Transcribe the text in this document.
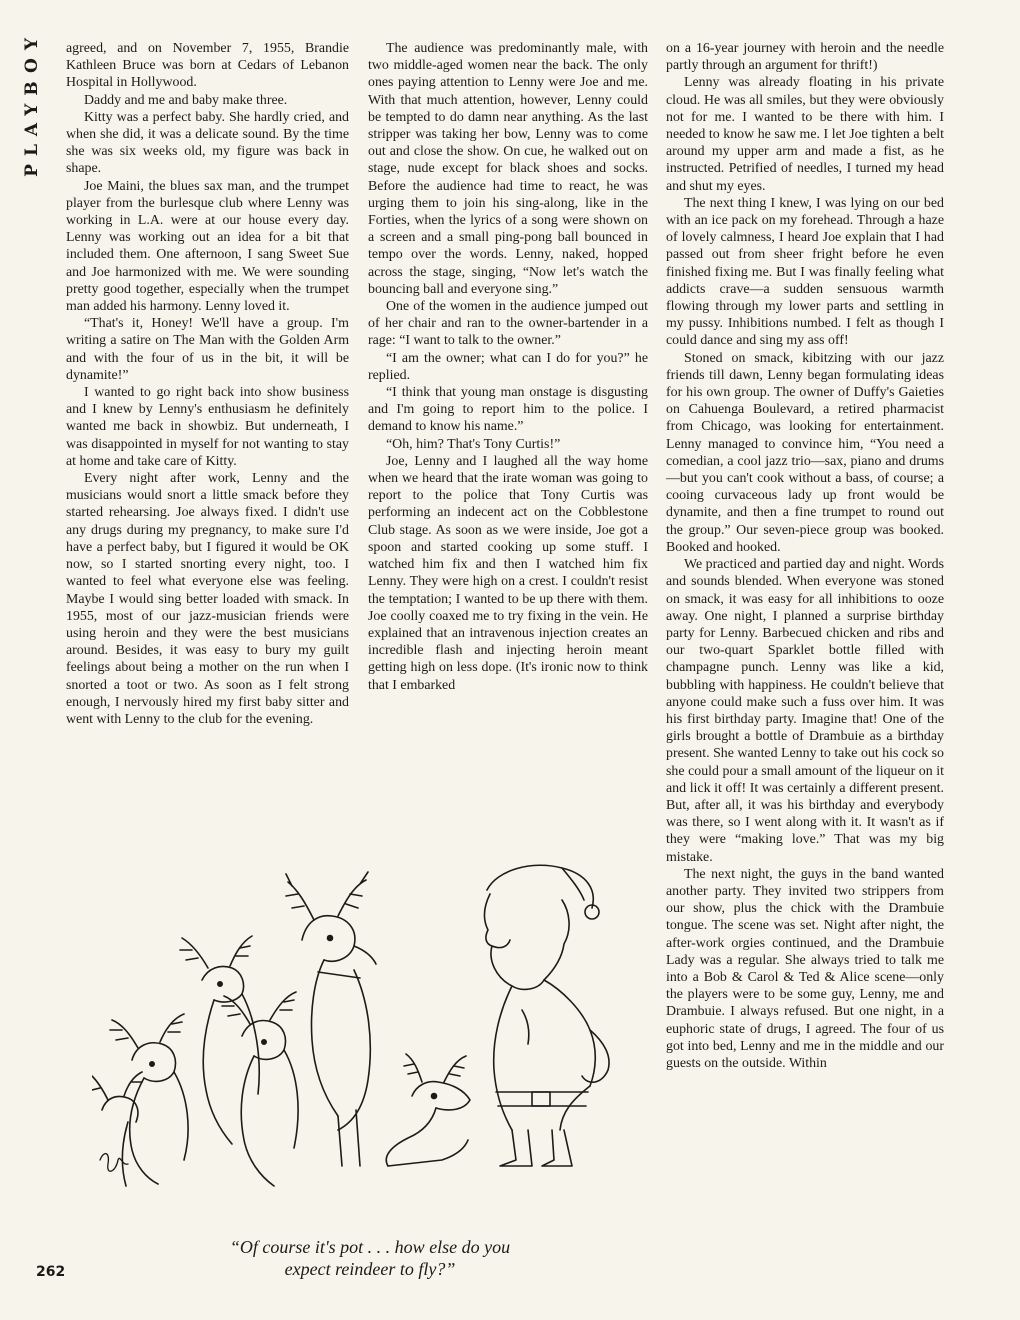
PLAYBOY agreed, and on November 7, 1955, Brandie Kathleen Bruce was born at Cedars of Lebanon Hospital in Hollywood.

Daddy and me and baby make three.

Kitty was a perfect baby. She hardly cried, and when she did, it was a delicate sound. By the time she was six weeks old, my figure was back in shape.

Joe Maini, the blues sax man, and the trumpet player from the burlesque club where Lenny was working in L.A. were at our house every day. Lenny was working out an idea for a bit that included them. One afternoon, I sang Sweet Sue and Joe harmonized with me. We were sounding pretty good together, especially when the trumpet man added his harmony. Lenny loved it.

“That's it, Honey! We'll have a group. I'm writing a satire on The Man with the Golden Arm and with the four of us in the bit, it will be dynamite!”

I wanted to go right back into show business and I knew by Lenny's enthusiasm he definitely wanted me back in showbiz. But underneath, I was disappointed in myself for not wanting to stay at home and take care of Kitty.

Every night after work, Lenny and the musicians would snort a little smack before they started rehearsing. Joe always fixed. I didn't use any drugs during my pregnancy, to make sure I'd have a perfect baby, but I figured it would be OK now, so I started snorting every night, too. I wanted to feel what everyone else was feeling. Maybe I would sing better loaded with smack. In 1955, most of our jazz-musician friends were using heroin and they were the best musicians around. Besides, it was easy to bury my guilt feelings about being a mother on the run when I snorted a toot or two. As soon as I felt strong enough, I nervously hired my first baby sitter and went with Lenny to the club for the evening.

The audience was predominantly male, with two middle-aged women near the back. The only ones paying attention to Lenny were Joe and me. With that much attention, however, Lenny could be tempted to do damn near anything. As the last stripper was taking her bow, Lenny was to come out and close the show. On cue, he walked out on stage, nude except for black shoes and socks. Before the audience had time to react, he was urging them to join his sing-along, like in the Forties, when the lyrics of a song were shown on a screen and a small ping-pong ball bounced in tempo over the words. Lenny, naked, hopped across the stage, singing, “Now let's watch the bouncing ball and everyone sing.”

One of the women in the audience jumped out of her chair and ran to the owner-bartender in a rage: “I want to talk to the owner.”

“I am the owner; what can I do for you?” he replied.

“I think that young man onstage is disgusting and I'm going to report him to the police. I demand to know his name.”

“Oh, him? That's Tony Curtis!”

Joe, Lenny and I laughed all the way home when we heard that the irate woman was going to report to the police that Tony Curtis was performing an indecent act on the Cobblestone Club stage. As soon as we were inside, Joe got a spoon and started cooking up some stuff. I watched him fix and then I watched him fix Lenny. They were high on a crest. I couldn't resist the temptation; I wanted to be up there with them. Joe coolly coaxed me to try fixing in the vein. He explained that an intravenous injection creates an incredible flash and injecting heroin meant getting high on less dope. (It's ironic now to think that I embarked

on a 16-year journey with heroin and the needle partly through an argument for thrift!)

Lenny was already floating in his private cloud. He was all smiles, but they were obviously not for me. I wanted to be there with him. I needed to know he saw me. I let Joe tighten a belt around my upper arm and made a fist, as he instructed. Petrified of needles, I turned my head and shut my eyes.

The next thing I knew, I was lying on our bed with an ice pack on my forehead. Through a haze of lovely calmness, I heard Joe explain that I had passed out from sheer fright before he even finished fixing me. But I was finally feeling what addicts crave—a sudden sensuous warmth flowing through my lower parts and settling in my pussy. Inhibitions numbed. I felt as though I could dance and sing my ass off!

Stoned on smack, kibitzing with our jazz friends till dawn, Lenny began formulating ideas for his own group. The owner of Duffy's Gaieties on Cahuenga Boulevard, a retired pharmacist from Chicago, was looking for entertainment. Lenny managed to convince him, “You need a comedian, a cool jazz trio—sax, piano and drums—but you can't cook without a bass, of course; a cooing curvaceous lady up front would be dynamite, and then a fine trumpet to round out the group.” Our seven-piece group was booked. Booked and hooked.

We practiced and partied day and night. Words and sounds blended. When everyone was stoned on smack, it was easy for all inhibitions to ooze away. One night, I planned a surprise birthday party for Lenny. Barbecued chicken and ribs and our two-quart Sparklet bottle filled with champagne punch. Lenny was like a kid, bubbling with happiness. He couldn't believe that anyone could make such a fuss over him. It was his first birthday party. Imagine that! One of the girls brought a bottle of Drambuie as a birthday present. She wanted Lenny to take out his cock so she could pour a small amount of the liqueur on it and lick it off! It was certainly a different present. But, after all, it was his birthday and everybody was there, so I went along with it. It wasn't as if they were “making love.” That was my big mistake.

The next night, the guys in the band wanted another party. They invited two strippers from our show, plus the chick with the Drambuie tongue. The scene was set. Night after night, the after-work orgies continued, and the Drambuie Lady was a regular. She always tried to talk me into a Bob & Carol & Ted & Alice scene—only the players were to be some guy, Lenny, me and Drambuie. I always refused. But one night, in a euphoric state of drugs, I agreed. The four of us got into bed, Lenny and me in the middle and our guests on the outside. Within

“Of course it's pot . . . how else do you
expect reindeer to fly?”
262
